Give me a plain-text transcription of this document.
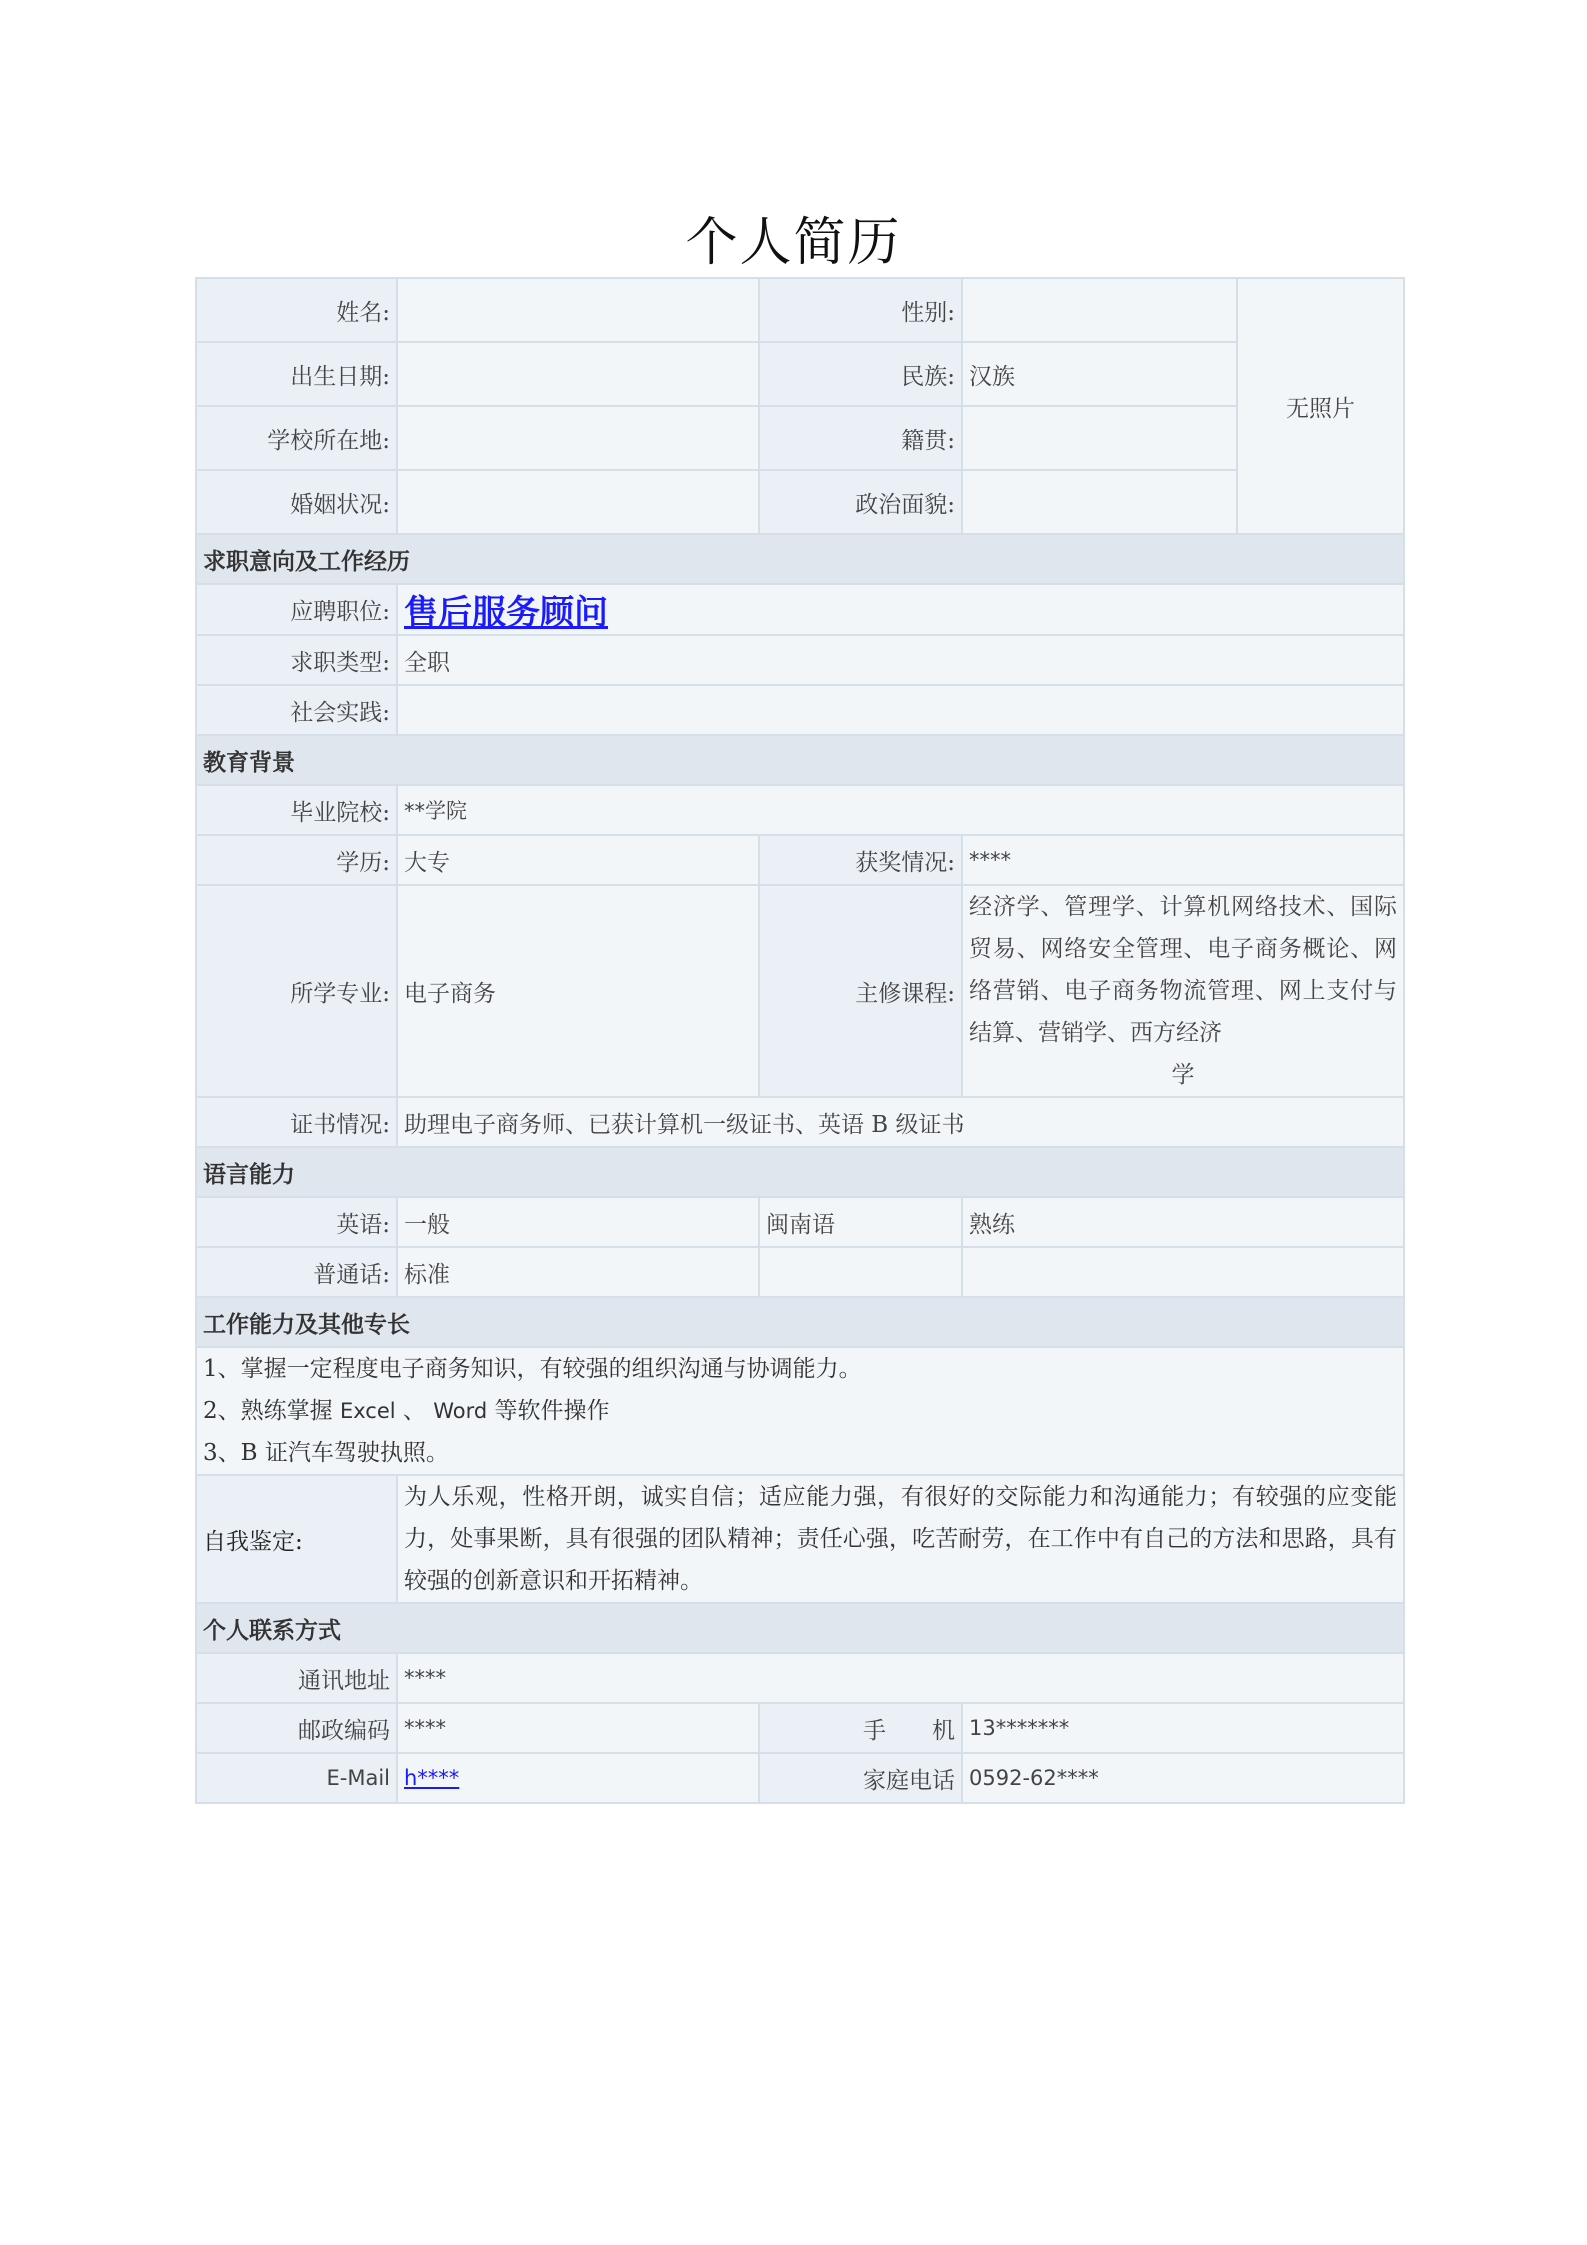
个人简历
姓名:		性别:		无照片
出生日期:		民族:	汉族	
学校所在地:		籍贯:		
婚姻状况:		政治面貌:		
求职意向及工作经历				
应聘职位:	售后服务顾问			
求职类型:	全职			
社会实践:				
教育背景				
毕业院校:	**学院			
学历:	大专	获奖情况:	****	
所学专业:	电子商务	主修课程:	经济学、管理学、计算机网络技术、国际贸易、网络安全管理、电子商务概论、网络营销、电子商务物流管理、网上支付与结算、营销学、西方经济
学	

证书情况:	助理电子商务师、已获计算机一级证书、英语 B 级证书			
语言能力				
英语:	一般	闽南语	熟练	
普通话:	标准			
工作能力及其他专长				

1、掌握一定程度电子商务知识，有较强的组织沟通与协调能力。
2、熟练掌握 Excel 、 Word 等软件操作
3、B 证汽车驾驶执照。				

自我鉴定:	为人乐观，性格开朗，诚实自信；适应能力强，有很好的交际能力和沟通能力；有较强的应变能力，处事果断，具有很强的团队精神；责任心强，吃苦耐劳，在工作中有自己的方法和思路，具有较强的创新意识和开拓精神。			
个人联系方式				
通讯地址	****			
邮政编码	****	手　　机	13*******	
E-Mail	h****	家庭电话	0592-62****	
